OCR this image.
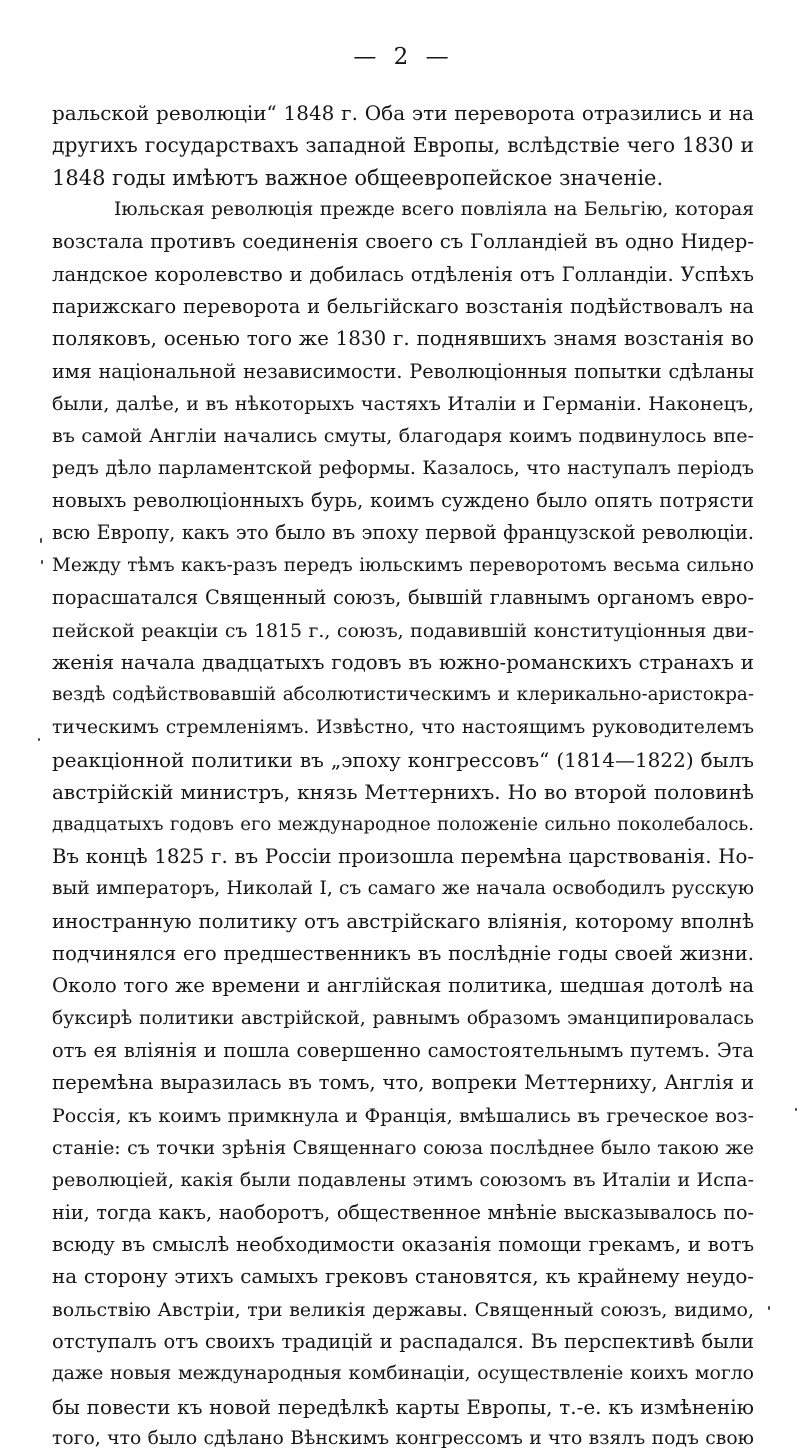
— 2 —
ральской революціи“ 1848 г. Оба эти переворота отразились и на
другихъ государствахъ западной Европы, вслѣдствіе чего 1830 и
1848 годы имѣютъ важное общеевропейское значеніе.
Іюльская революція прежде всего повліяла на Бельгію, которая
возстала противъ соединенія своего съ Голландіей въ одно Нидер-
ландское королевство и добилась отдѣленія отъ Голландіи. Успѣхъ
парижскаго переворота и бельгійскаго возстанія подѣйствовалъ на
поляковъ, осенью того же 1830 г. поднявшихъ знамя возстанія во
имя національной независимости. Революціонныя попытки сдѣланы
были, далѣе, и въ нѣкоторыхъ частяхъ Италіи и Германіи. Наконецъ,
въ самой Англіи начались смуты, благодаря коимъ подвинулось впе-
редъ дѣло парламентской реформы. Казалось, что наступалъ періодъ
новыхъ революціонныхъ бурь, коимъ суждено было опять потрясти
всю Европу, какъ это было въ эпоху первой французской революціи.
Между тѣмъ какъ-разъ передъ іюльскимъ переворотомъ весьма сильно
порасшатался Священный союзъ, бывшій главнымъ органомъ евро-
пейской реакціи съ 1815 г., союзъ, подавившій конституціонныя дви-
женія начала двадцатыхъ годовъ въ южно-романскихъ странахъ и
вездѣ содѣйствовавшій абсолютистическимъ и клерикально-аристокра-
тическимъ стремленіямъ. Извѣстно, что настоящимъ руководителемъ
реакціонной политики въ „эпоху конгрессовъ“ (1814—1822) былъ
австрійскій министръ, князь Меттернихъ. Но во второй половинѣ
двадцатыхъ годовъ его международное положеніе сильно поколебалось.
Въ концѣ 1825 г. въ Россіи произошла перемѣна царствованія. Но-
вый императоръ, Николай I, съ самаго же начала освободилъ русскую
иностранную политику отъ австрійскаго вліянія, которому вполнѣ
подчинялся его предшественникъ въ послѣдніе годы своей жизни.
Около того же времени и англійская политика, шедшая дотолѣ на
буксирѣ политики австрійской, равнымъ образомъ эманципировалась
отъ ея вліянія и пошла совершенно самостоятельнымъ путемъ. Эта
перемѣна выразилась въ томъ, что, вопреки Меттерниху, Англія и
Россія, къ коимъ примкнула и Франція, вмѣшались въ греческое воз-
станіе: съ точки зрѣнія Священнаго союза послѣднее было такою же
революціей, какія были подавлены этимъ союзомъ въ Италіи и Испа-
ніи, тогда какъ, наоборотъ, общественное мнѣніе высказывалось по-
всюду въ смыслѣ необходимости оказанія помощи грекамъ, и вотъ
на сторону этихъ самыхъ грековъ становятся, къ крайнему неудо-
вольствію Австріи, три великія державы. Священный союзъ, видимо,
отступалъ отъ своихъ традицій и распадался. Въ перспективѣ были
даже новыя международныя комбинаціи, осуществленіе коихъ могло
бы повести къ новой передѣлкѣ карты Европы, т.-е. къ измѣненію
того, что было сдѣлано Вѣнскимъ конгрессомъ и что взялъ подъ свою
